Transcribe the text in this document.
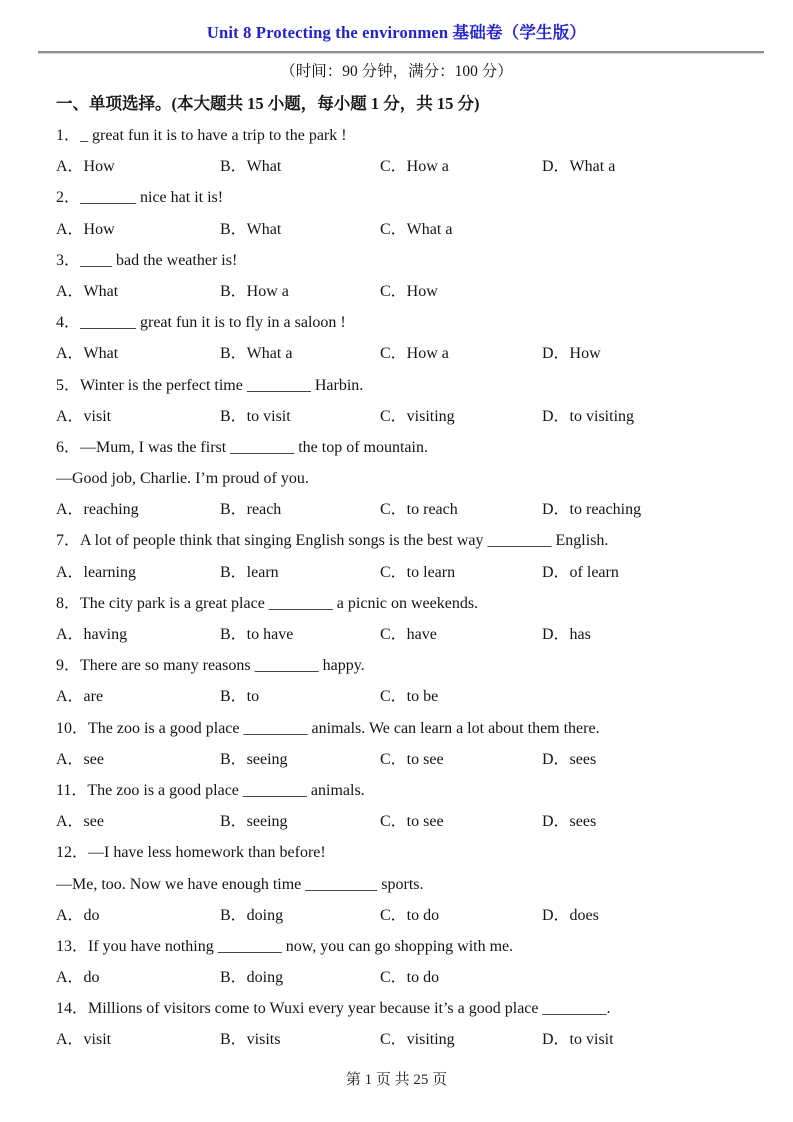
Unit 8 Protecting the environmen 基础卷（学生版）
（时间：90 分钟，满分：100 分）
一、单项选择。(本大题共 15 小题，每小题 1 分，共 15 分)
1．_ great fun it is to have a trip to the park !
A．How	B．What	C．How a	D．What a
2．_______ nice hat it is!
A．How	B．What	C．What a
3．____ bad the weather is!
A．What	B．How a	C．How
4．_______ great fun it is to fly in a saloon !
A．What	B．What a	C．How a	D．How
5．Winter is the perfect time ________ Harbin.
A．visit	B．to visit	C．visiting	D．to visiting
6．—Mum, I was the first ________ the top of mountain.
—Good job, Charlie. I’m proud of you.
A．reaching	B．reach	C．to reach	D．to reaching
7．A lot of people think that singing English songs is the best way ________ English.
A．learning	B．learn	C．to learn	D．of learn
8．The city park is a great place ________ a picnic on weekends.
A．having	B．to have	C．have	D．has
9．There are so many reasons ________ happy.
A．are	B．to	C．to be
10．The zoo is a good place ________ animals. We can learn a lot about them there.
A．see	B．seeing	C．to see	D．sees
11．The zoo is a good place ________ animals.
A．see	B．seeing	C．to see	D．sees
12．—I have less homework than before!
—Me, too. Now we have enough time _________ sports.
A．do	B．doing	C．to do	D．does
13．If you have nothing ________ now, you can go shopping with me.
A．do	B．doing	C．to do
14．Millions of visitors come to Wuxi every year because it’s a good place ________.
A．visit	B．visits	C．visiting	D．to visit
第 1 页 共 25 页
